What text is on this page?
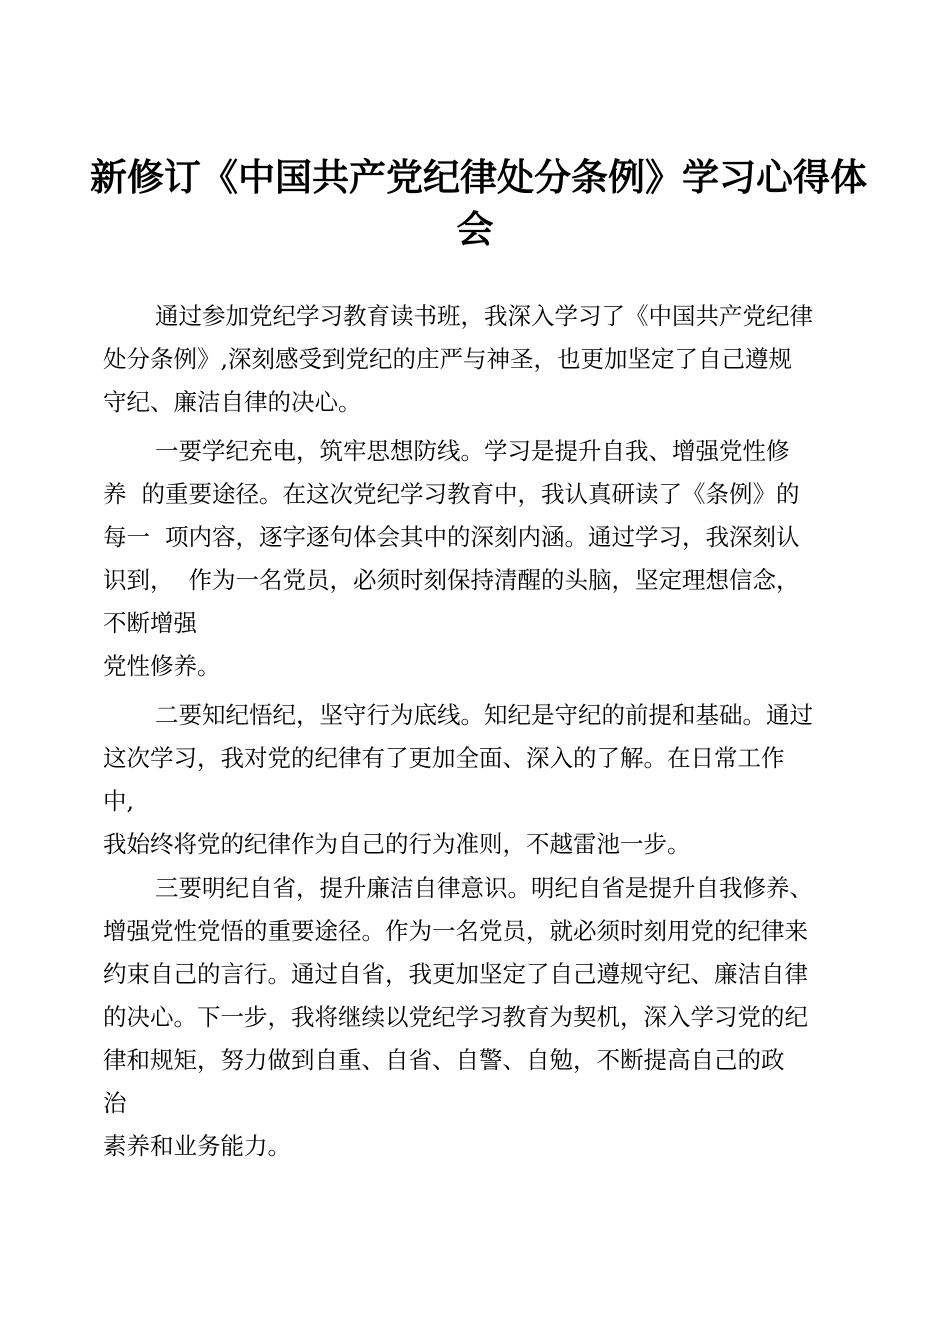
新修订《中国共产党纪律处分条例》学习心得体
会
通过参加党纪学习教育读书班，我深入学习了《中国共产党纪律
处分条例》,深刻感受到党纪的庄严与神圣，也更加坚定了自己遵规
守纪、廉洁自律的决心。
一要学纪充电，筑牢思想防线。学习是提升自我、增强党性修
养  的重要途径。在这次党纪学习教育中，我认真研读了《条例》的
每一  项内容，逐字逐句体会其中的深刻内涵。通过学习，我深刻认
识到，  作为一名党员，必须时刻保持清醒的头脑，坚定理想信念，
不断增强
党性修养。
二要知纪悟纪，坚守行为底线。知纪是守纪的前提和基础。通过
这次学习，我对党的纪律有了更加全面、深入的了解。在日常工作
中,
我始终将党的纪律作为自己的行为准则，不越雷池一步。
三要明纪自省，提升廉洁自律意识。明纪自省是提升自我修养、
增强党性党悟的重要途径。作为一名党员，就必须时刻用党的纪律来
约束自己的言行。通过自省，我更加坚定了自己遵规守纪、廉洁自律
的决心。下一步，我将继续以党纪学习教育为契机，深入学习党的纪
律和规矩，努力做到自重、自省、自警、自勉，不断提高自己的政
治
素养和业务能力。
